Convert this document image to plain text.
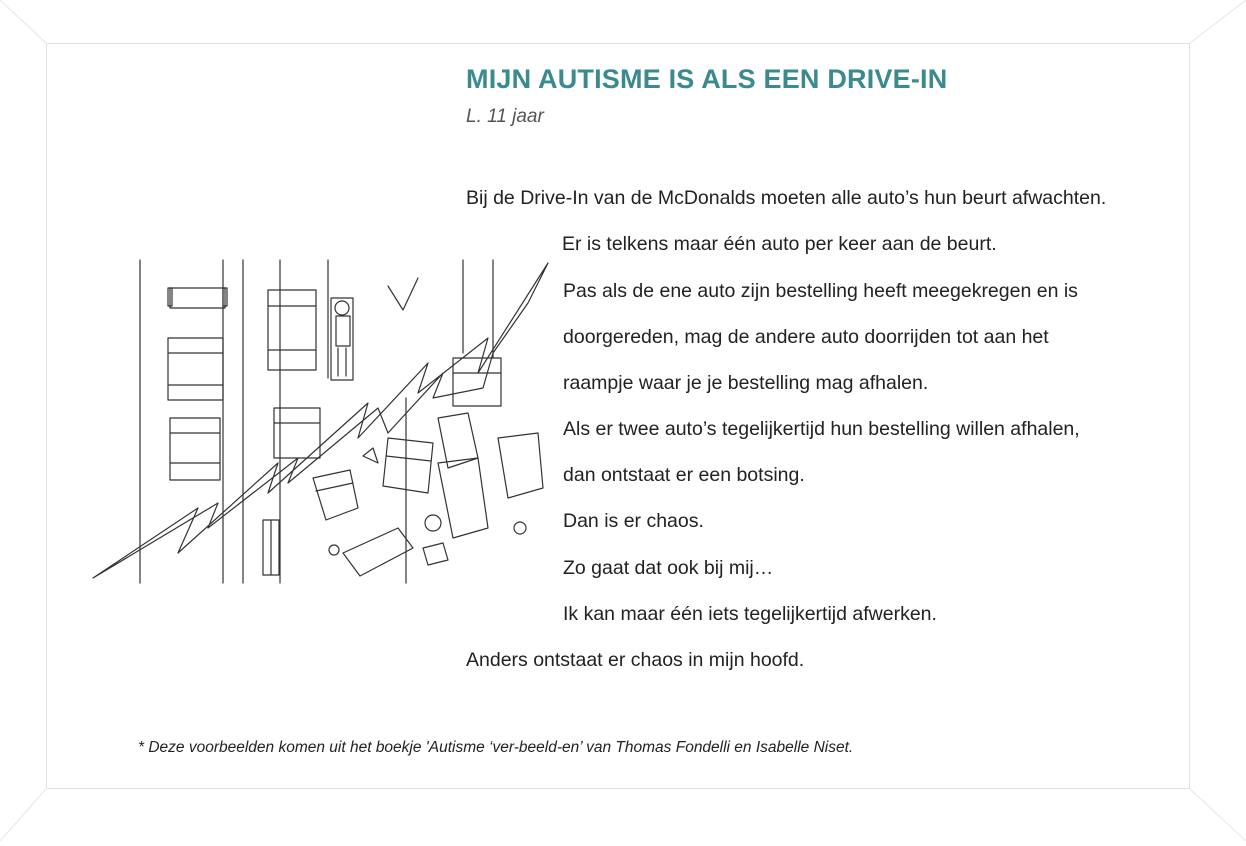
MIJN AUTISME IS ALS EEN DRIVE-IN
L. 11 jaar
Bij de Drive-In van de McDonalds moeten alle auto’s hun beurt afwachten.
Er is telkens maar één auto per keer aan de beurt.
Pas als de ene auto zijn bestelling heeft meegekregen en is
doorgereden, mag de andere auto doorrijden tot aan het
raampje waar je je bestelling mag afhalen.
Als er twee auto’s tegelijkertijd hun bestelling willen afhalen,
dan ontstaat er een botsing.
Dan is er chaos.
Zo gaat dat ook bij mij…
Ik kan maar één iets tegelijkertijd afwerken.
Anders ontstaat er chaos in mijn hoofd.
* Deze voorbeelden komen uit het boekje 'Autisme ‘ver-beeld-en’ van Thomas Fondelli en Isabelle Niset.
